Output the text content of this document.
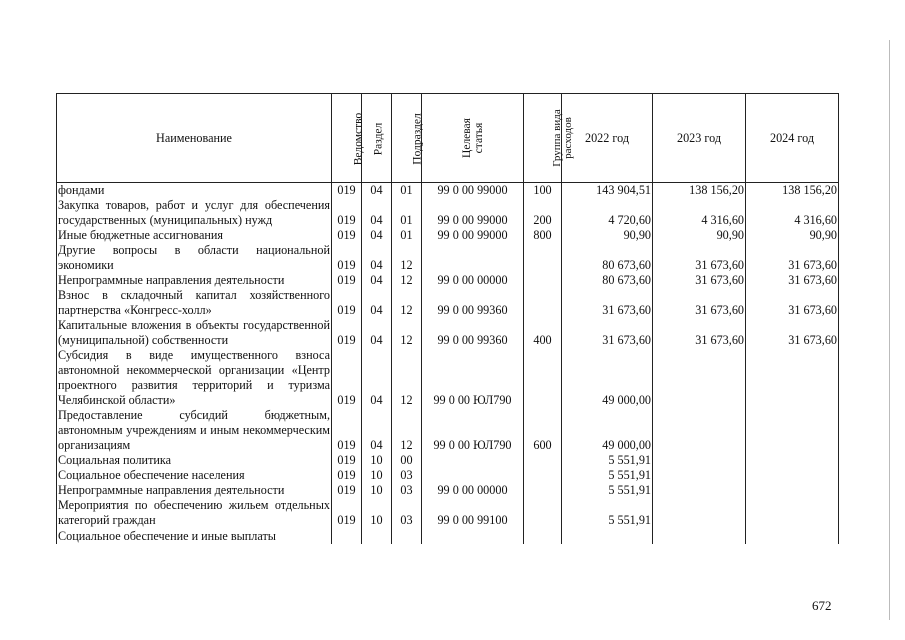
Наименование	Ведомство	Раздел	Подраздел	Целевая статья	Группа вида расходов	2022 год	2023 год	2024 год
фондами	019	04	01	99 0 00 99000	100	143 904,51	138 156,20	138 156,20
Закупка товаров, работ и услуг для обеспечения государственных (муниципальных) нужд	019	04	01	99 0 00 99000	200	4 720,60	4 316,60	4 316,60
Иные бюджетные ассигнования	019	04	01	99 0 00 99000	800	90,90	90,90	90,90
Другие вопросы в области национальной экономики	019	04	12			80 673,60	31 673,60	31 673,60
Непрограммные направления деятельности	019	04	12	99 0 00 00000		80 673,60	31 673,60	31 673,60
Взнос в складочный капитал хозяйственного партнерства «Конгресс-холл»	019	04	12	99 0 00 99360		31 673,60	31 673,60	31 673,60
Капитальные вложения в объекты государственной (муниципальной) собственности	019	04	12	99 0 00 99360	400	31 673,60	31 673,60	31 673,60
Субсидия в виде имущественного взноса автономной некоммерческой организации «Центр проектного развития территорий и туризма Челябинской области»	019	04	12	99 0 00 ЮЛ790		49 000,00		
Предоставление субсидий бюджетным, автономным учреждениям и иным некоммерческим организациям	019	04	12	99 0 00 ЮЛ790	600	49 000,00		
Социальная политика	019	10	00			5 551,91		
Социальное обеспечение населения	019	10	03			5 551,91		
Непрограммные направления деятельности	019	10	03	99 0 00 00000		5 551,91		
Мероприятия по обеспечению жильем отдельных категорий граждан	019	10	03	99 0 00 99100		5 551,91		
Социальное обеспечение и иные выплаты								
672
